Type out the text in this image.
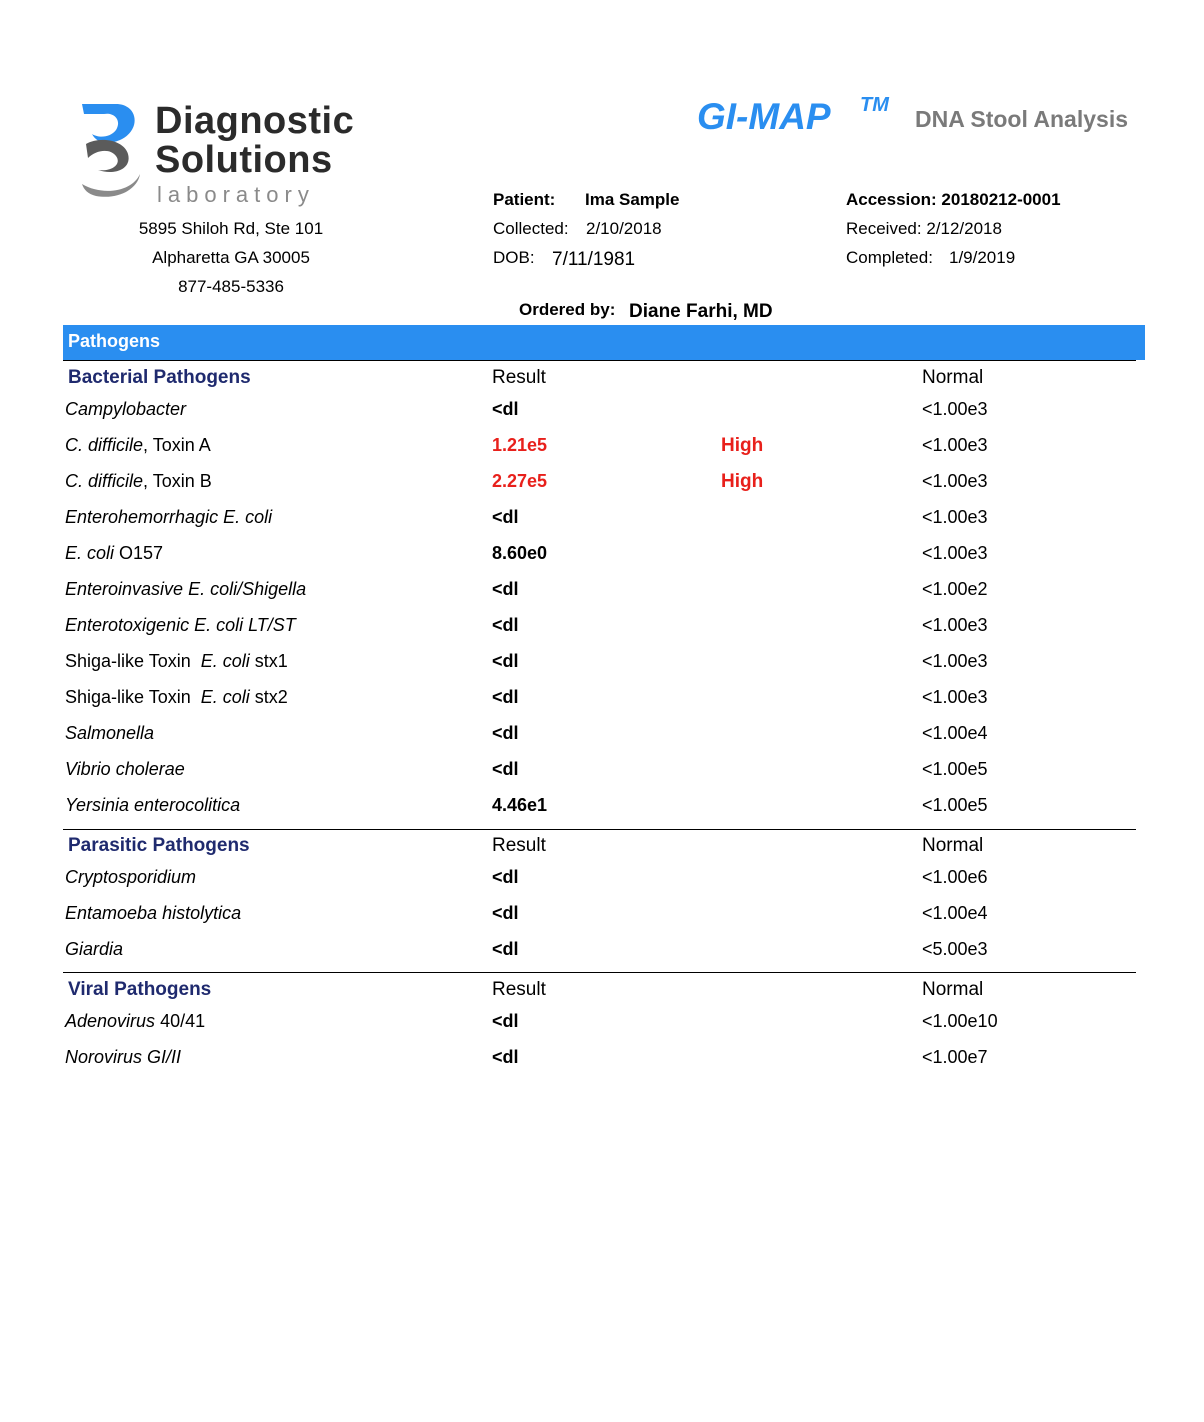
Diagnostic
Solutions
laboratory
5895 Shiloh Rd, Ste 101
Alpharetta GA 30005
877-485-5336
GI-MAP TM
DNA Stool Analysis
Patient: Ima Sample
Collected: 2/10/2018
DOB: 7/11/1981
Accession: 20180212-0001
Received: 2/12/2018
Completed: 1/9/2019
Ordered by: Diane Farhi, MD
Pathogens
Bacterial Pathogens	Result	Normal
Campylobacter	<dl	<1.00e3
C. difficile, Toxin A	1.21e5	High	<1.00e3
C. difficile, Toxin B	2.27e5	High	<1.00e3
Enterohemorrhagic E. coli	<dl	<1.00e3
E. coli O157	8.60e0	<1.00e3
Enteroinvasive E. coli/Shigella	<dl	<1.00e2
Enterotoxigenic E. coli LT/ST	<dl	<1.00e3
Shiga-like Toxin  E. coli stx1	<dl	<1.00e3
Shiga-like Toxin  E. coli stx2	<dl	<1.00e3
Salmonella	<dl	<1.00e4
Vibrio cholerae	<dl	<1.00e5
Yersinia enterocolitica	4.46e1	<1.00e5
Parasitic Pathogens	Result	Normal
Cryptosporidium	<dl	<1.00e6
Entamoeba histolytica	<dl	<1.00e4
Giardia	<dl	<5.00e3
Viral Pathogens	Result	Normal
Adenovirus 40/41	<dl	<1.00e10
Norovirus GI/II	<dl	<1.00e7
